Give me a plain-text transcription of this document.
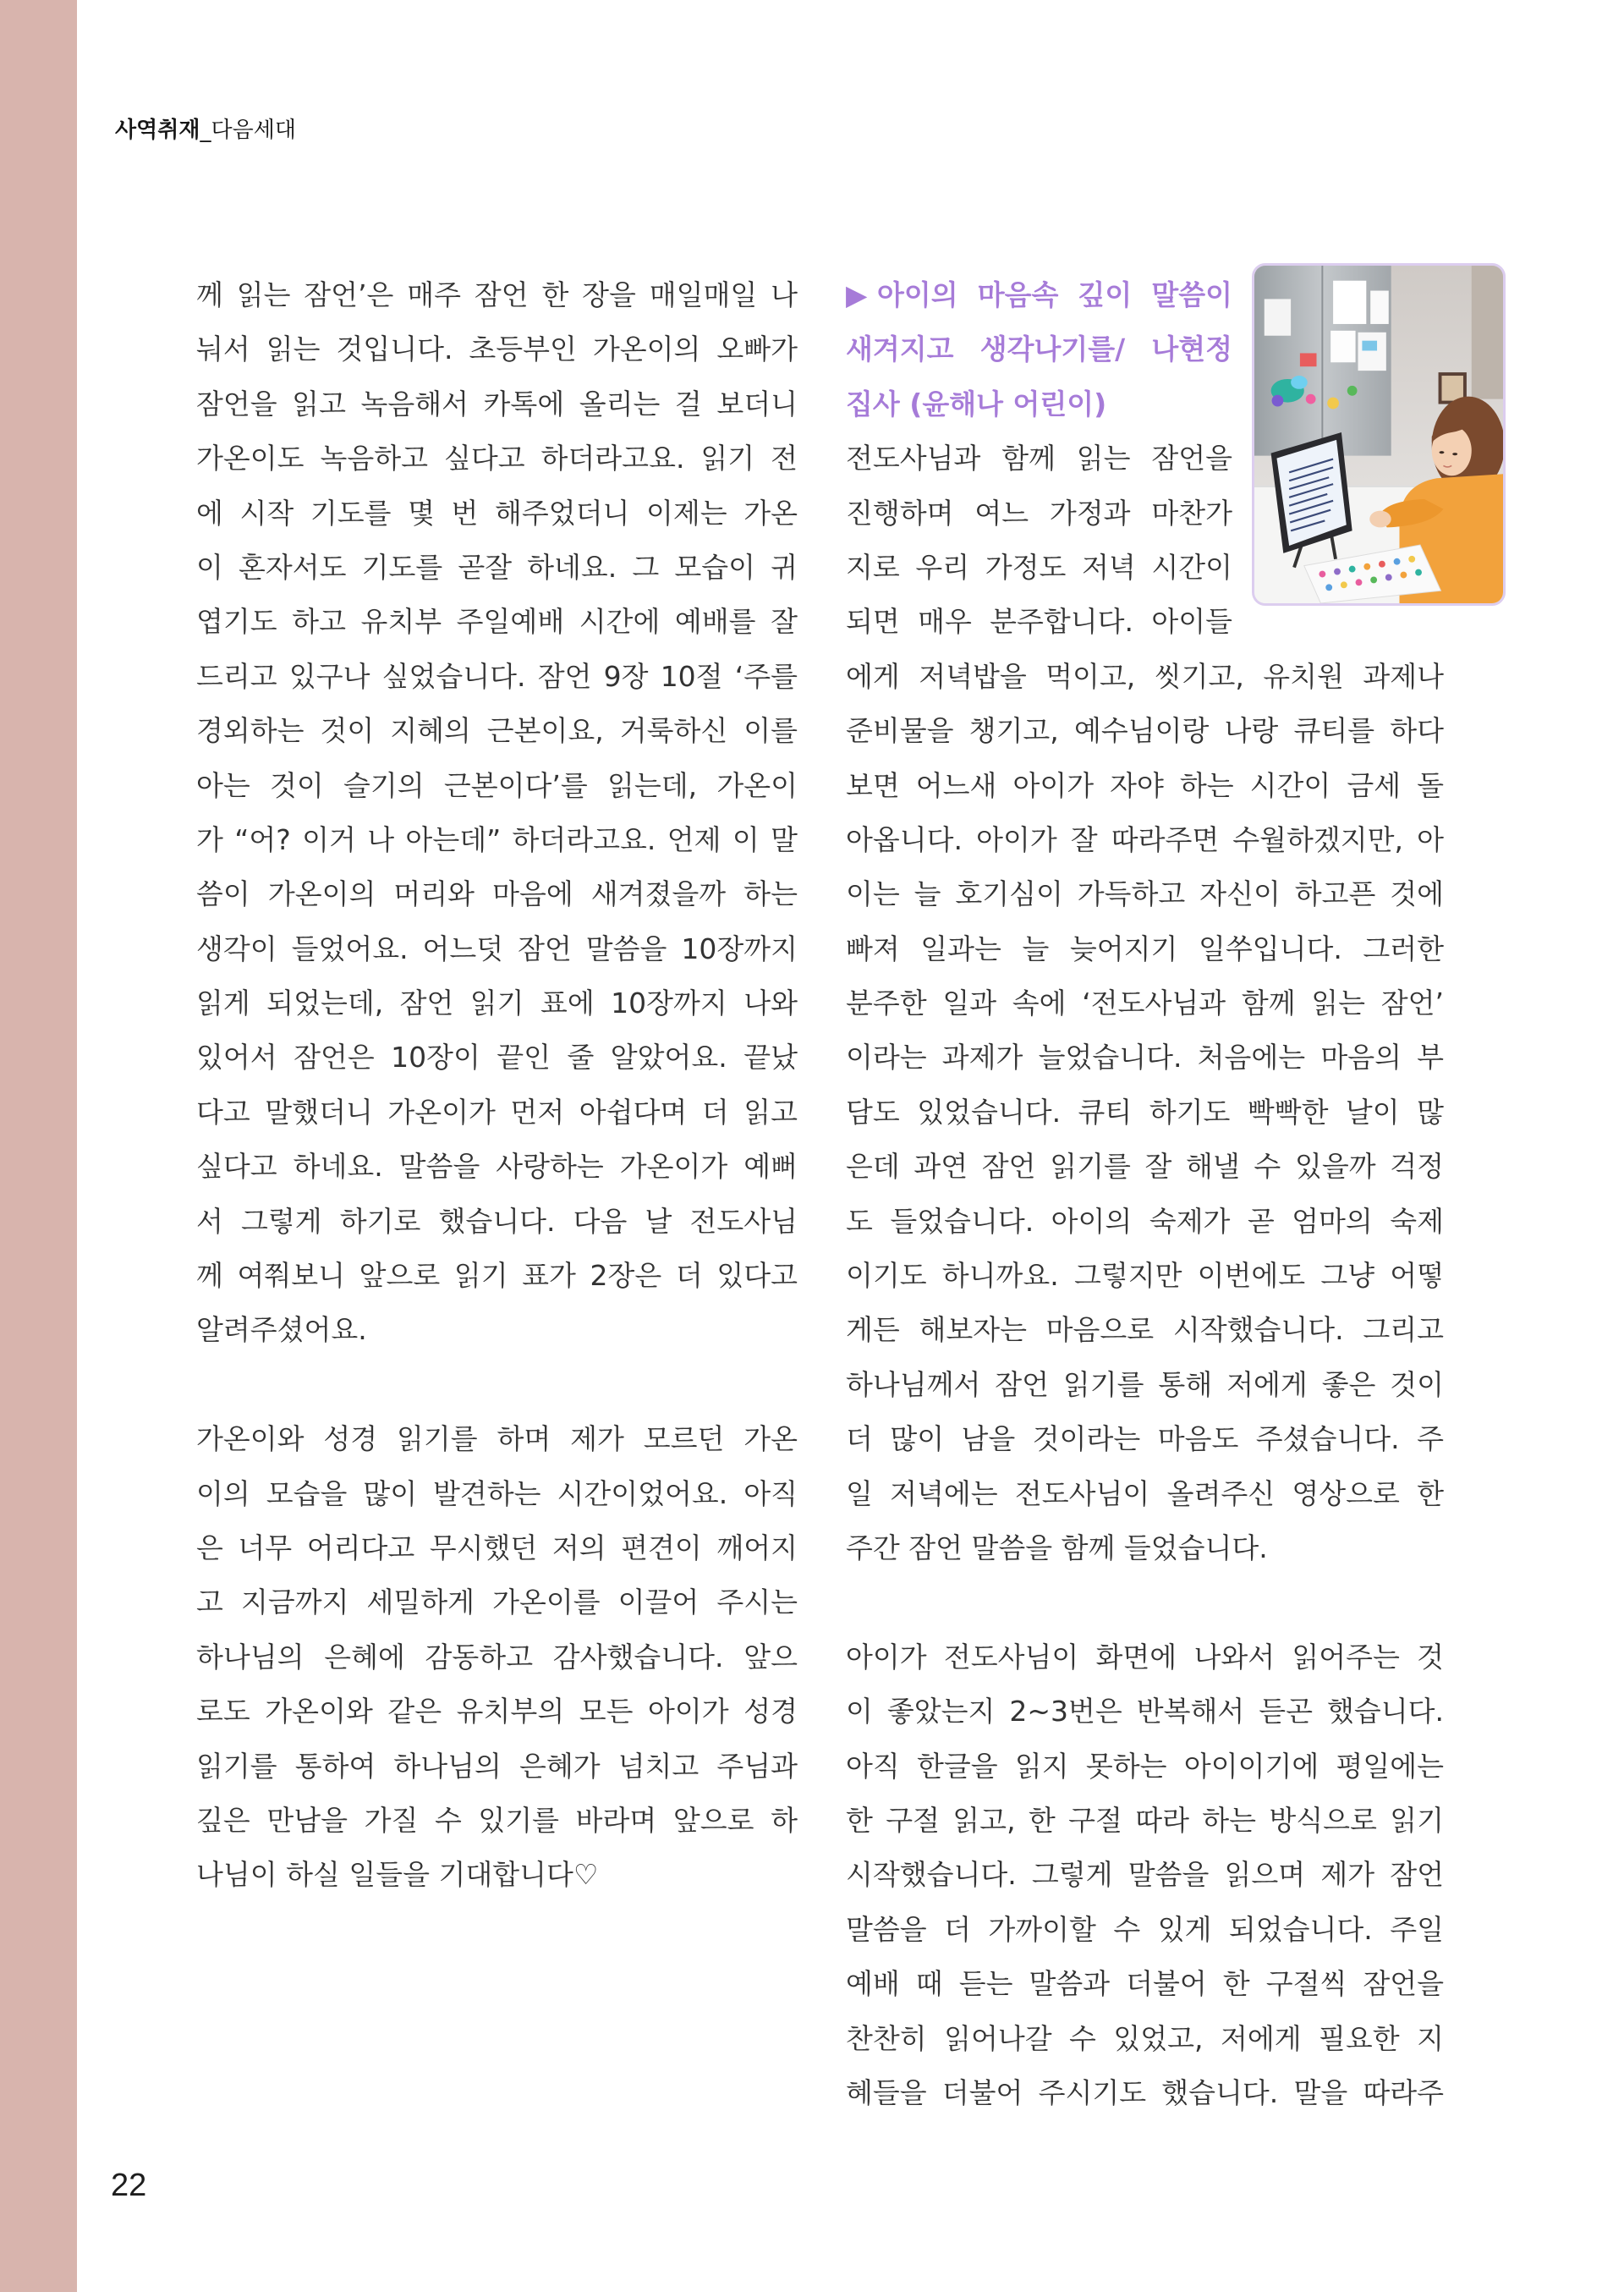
사역취재_다음세대
께 읽는 잠언’은 매주 잠언 한 장을 매일매일 나
눠서 읽는 것입니다. 초등부인 가온이의 오빠가
잠언을 읽고 녹음해서 카톡에 올리는 걸 보더니
가온이도 녹음하고 싶다고 하더라고요. 읽기 전
에 시작 기도를 몇 번 해주었더니 이제는 가온
이 혼자서도 기도를 곧잘 하네요. 그 모습이 귀
엽기도 하고 유치부 주일예배 시간에 예배를 잘
드리고 있구나 싶었습니다. 잠언 9장 10절 ‘주를
경외하는 것이 지혜의 근본이요, 거룩하신 이를
아는 것이 슬기의 근본이다’를 읽는데, 가온이
가 “어? 이거 나 아는데” 하더라고요. 언제 이 말
씀이 가온이의 머리와 마음에 새겨졌을까 하는
생각이 들었어요. 어느덧 잠언 말씀을 10장까지
읽게 되었는데, 잠언 읽기 표에 10장까지 나와
있어서 잠언은 10장이 끝인 줄 알았어요. 끝났
다고 말했더니 가온이가 먼저 아쉽다며 더 읽고
싶다고 하네요. 말씀을 사랑하는 가온이가 예뻐
서 그렇게 하기로 했습니다. 다음 날 전도사님
께 여쭤보니 앞으로 읽기 표가 2장은 더 있다고
알려주셨어요.
가온이와 성경 읽기를 하며 제가 모르던 가온
이의 모습을 많이 발견하는 시간이었어요. 아직
은 너무 어리다고 무시했던 저의 편견이 깨어지
고 지금까지 세밀하게 가온이를 이끌어 주시는
하나님의 은혜에 감동하고 감사했습니다. 앞으
로도 가온이와 같은 유치부의 모든 아이가 성경
읽기를 통하여 하나님의 은혜가 넘치고 주님과
깊은 만남을 가질 수 있기를 바라며 앞으로 하
나님이 하실 일들을 기대합니다♡
▶아이의 마음속 깊이 말씀이
새겨지고 생각나기를/ 나현정
집사 (윤해나 어린이)
전도사님과 함께 읽는 잠언을
진행하며 여느 가정과 마찬가
지로 우리 가정도 저녁 시간이
되면 매우 분주합니다. 아이들
에게 저녁밥을 먹이고, 씻기고, 유치원 과제나
준비물을 챙기고, 예수님이랑 나랑 큐티를 하다
보면 어느새 아이가 자야 하는 시간이 금세 돌
아옵니다. 아이가 잘 따라주면 수월하겠지만, 아
이는 늘 호기심이 가득하고 자신이 하고픈 것에
빠져 일과는 늘 늦어지기 일쑤입니다. 그러한
분주한 일과 속에 ‘전도사님과 함께 읽는 잠언’
이라는 과제가 늘었습니다. 처음에는 마음의 부
담도 있었습니다. 큐티 하기도 빡빡한 날이 많
은데 과연 잠언 읽기를 잘 해낼 수 있을까 걱정
도 들었습니다. 아이의 숙제가 곧 엄마의 숙제
이기도 하니까요. 그렇지만 이번에도 그냥 어떻
게든 해보자는 마음으로 시작했습니다. 그리고
하나님께서 잠언 읽기를 통해 저에게 좋은 것이
더 많이 남을 것이라는 마음도 주셨습니다. 주
일 저녁에는 전도사님이 올려주신 영상으로 한
주간 잠언 말씀을 함께 들었습니다.
아이가 전도사님이 화면에 나와서 읽어주는 것
이 좋았는지 2~3번은 반복해서 듣곤 했습니다.
아직 한글을 읽지 못하는 아이이기에 평일에는
한 구절 읽고, 한 구절 따라 하는 방식으로 읽기
시작했습니다. 그렇게 말씀을 읽으며 제가 잠언
말씀을 더 가까이할 수 있게 되었습니다. 주일
예배 때 듣는 말씀과 더불어 한 구절씩 잠언을
찬찬히 읽어나갈 수 있었고, 저에게 필요한 지
혜들을 더불어 주시기도 했습니다. 말을 따라주
22
